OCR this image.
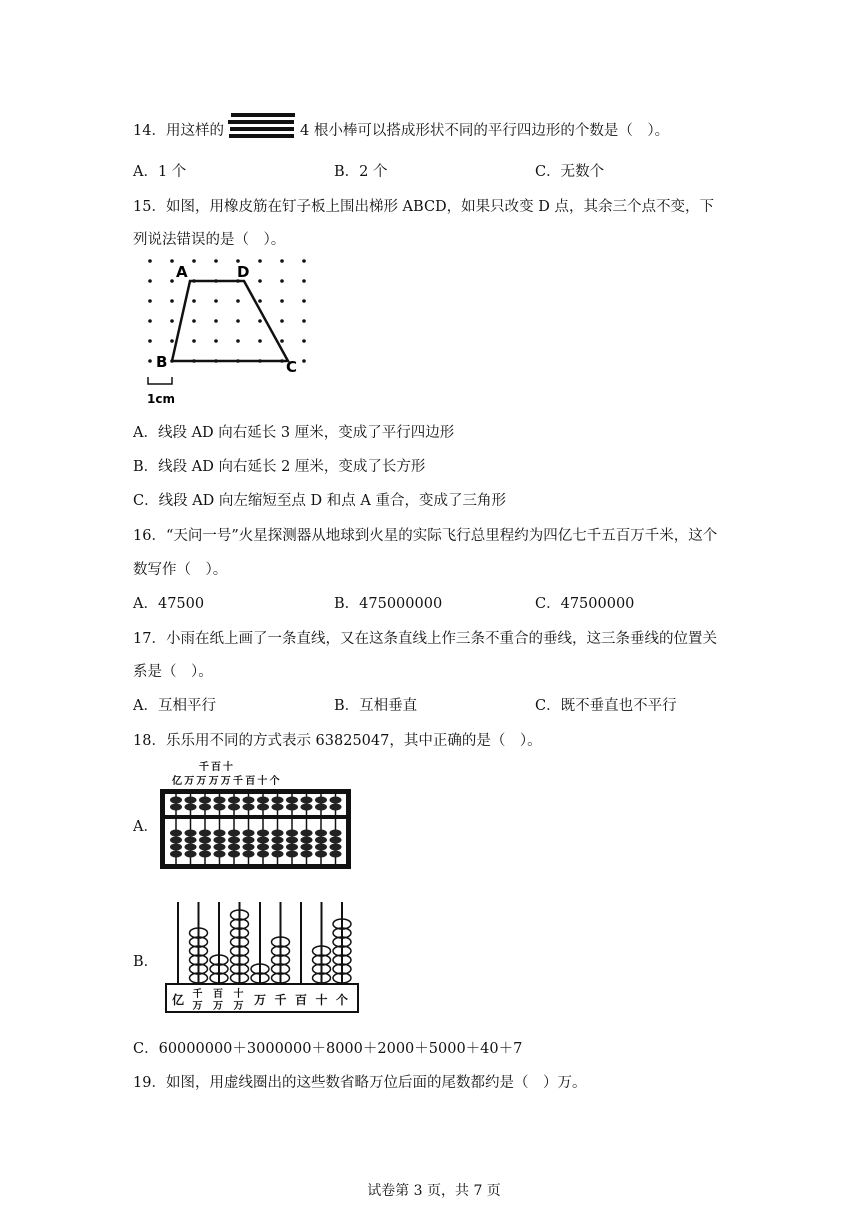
14．用这样的	4 根小棒可以搭成形状不同的平行四边形的个数是（　）。
A．1 个	B．2 个	C．无数个
15．如图，用橡皮筋在钉子板上围出梯形 ABCD，如果只改变 D 点，其余三个点不变，下
列说法错误的是（　）。
A	D
B	C
1cm
A．线段 AD 向右延长 3 厘米，变成了平行四边形
B．线段 AD 向右延长 2 厘米，变成了长方形
C．线段 AD 向左缩短至点 D 和点 A 重合，变成了三角形
16．“天问一号”火星探测器从地球到火星的实际飞行总里程约为四亿七千五百万千米，这个
数写作（　）。
A．47500	B．475000000	C．47500000
17．小雨在纸上画了一条直线，又在这条直线上作三条不重合的垂线，这三条垂线的位置关
系是（　）。
A．互相平行	B．互相垂直	C．既不垂直也不平行
18．乐乐用不同的方式表示 63825047，其中正确的是（　）。
千 百 十
亿 万 万 万 万 千 百 十 个
A．
亿 千
万
百
万
十
万 万 千 百 十 个
B．
C．60000000＋3000000＋8000＋2000＋5000＋40＋7
19．如图，用虚线圈出的这些数省略万位后面的尾数都约是（　）万。
试卷第 3 页，共 7 页
